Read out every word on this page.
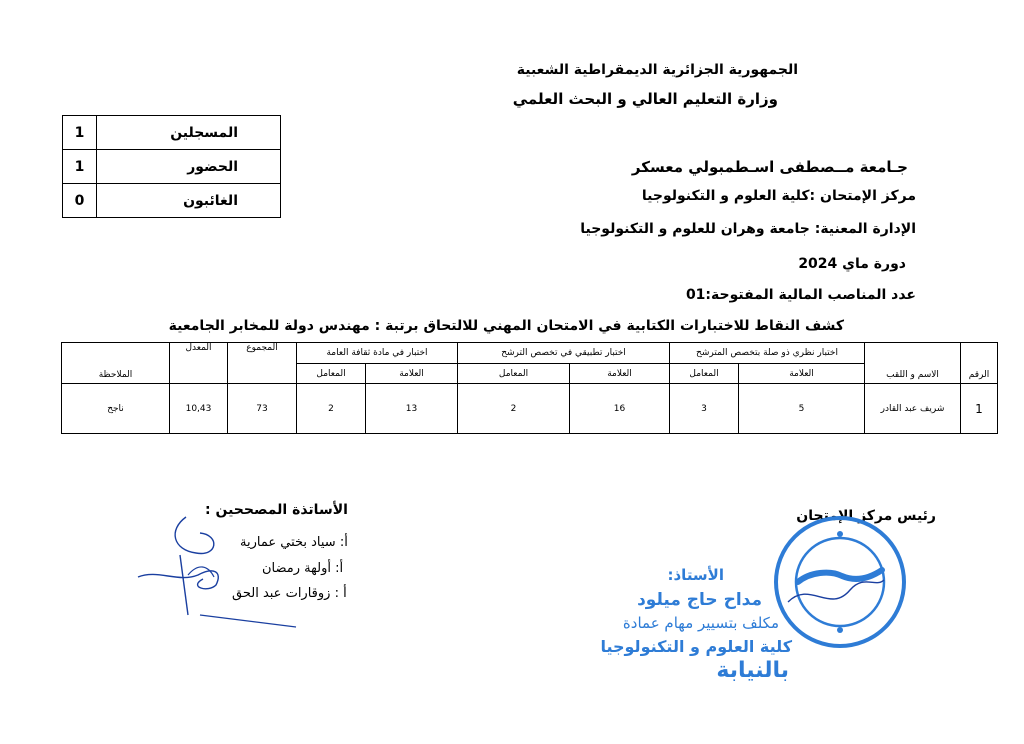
الجمهورية الجزائرية الديمقراطية الشعبية
وزارة التعليم العالي و البحث العلمي
المسجلين	1
الحضور	1
الغائبون	0
جـامعة مــصطفى اسـطمبولي معسكر
مركز الإمتحان :كلية العلوم و التكنولوجيا
الإدارة المعنية: جامعة وهران للعلوم و التكنولوجيا
دورة ماي 2024
عدد المناصب المالية المفتوحة:01
كشف النقاط للاختبارات الكتابية في الامتحان المهني للالتحاق برتبة : مهندس دولة للمخابر الجامعية
الرقم	الاسم و اللقب	اختبار نظري ذو صلة بتخصص المترشح		اختبار تطبيقي في تخصص الترشح		اختبار في مادة ثقافة العامة		المجموع	المعدل	الملاحظة
		العلامة	المعامل	العلامة	المعامل	العلامة	المعامل			
1	شريف عبد القادر	5	3	16	2	13	2	73	10,43	ناجح
الأساتذة المصححين :
أ: سياد بختي عمارية
أ: أولهة رمضان
أ : زوقارات عبد الحق
رئيس مركز الإمتحان
الأستاذ:
مداح حاج ميلود
مكلف بتسيير مهام عمادة
كلية العلوم و التكنولوجيا
بالنيابة
